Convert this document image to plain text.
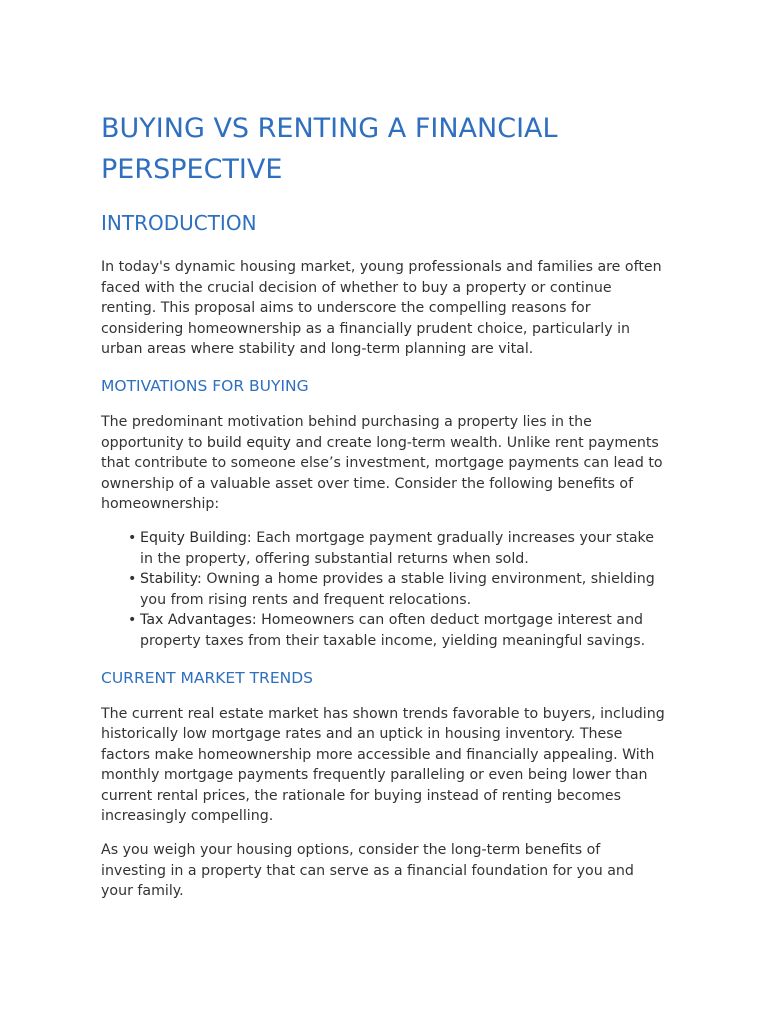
BUYING VS RENTING A FINANCIAL PERSPECTIVE
INTRODUCTION

In today's dynamic housing market, young professionals and families are often faced with the crucial decision of whether to buy a property or continue renting. This proposal aims to underscore the compelling reasons for considering homeownership as a financially prudent choice, particularly in urban areas where stability and long-term planning are vital.

MOTIVATIONS FOR BUYING

The predominant motivation behind purchasing a property lies in the opportunity to build equity and create long-term wealth. Unlike rent payments that contribute to someone else’s investment, mortgage payments can lead to ownership of a valuable asset over time. Consider the following benefits of homeownership:

• Equity Building: Each mortgage payment gradually increases your stake in the property, offering substantial returns when sold.
• Stability: Owning a home provides a stable living environment, shielding you from rising rents and frequent relocations.
• Tax Advantages: Homeowners can often deduct mortgage interest and property taxes from their taxable income, yielding meaningful savings.
CURRENT MARKET TRENDS

The current real estate market has shown trends favorable to buyers, including historically low mortgage rates and an uptick in housing inventory. These factors make homeownership more accessible and financially appealing. With monthly mortgage payments frequently paralleling or even being lower than current rental prices, the rationale for buying instead of renting becomes increasingly compelling.

As you weigh your housing options, consider the long-term benefits of investing in a property that can serve as a financial foundation for you and your family.
